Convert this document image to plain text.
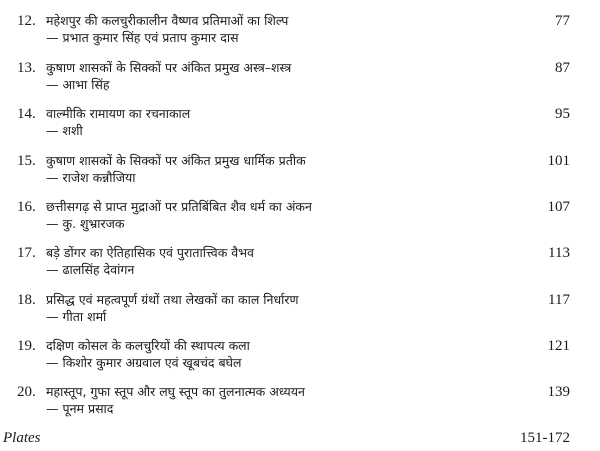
12. महेशपुर की कलचुरीकालीन वैष्णव प्रतिमाओं का शिल्प
— प्रभात कुमार सिंह एवं प्रताप कुमार दास
77
13. कुषाण शासकों के सिक्कों पर अंकित प्रमुख अस्त्र–शस्त्र
— आभा सिंह
87
14. वाल्मीकि रामायण का रचनाकाल
— शशी
95
15. कुषाण शासकों के सिक्कों पर अंकित प्रमुख धार्मिक प्रतीक
— राजेश कन्नौजिया
101
16. छत्तीसगढ़ से प्राप्त मुद्राओं पर प्रतिबिंबित शैव धर्म का अंकन
— कु. शुभ्रारजक
107
17. बड़े डोंगर का ऐतिहासिक एवं पुरातात्त्विक वैभव
— ढालसिंह देवांगन
113
18. प्रसिद्ध एवं महत्वपूर्ण ग्रंथों तथा लेखकों का काल निर्धारण
— गीता शर्मा
117
19. दक्षिण कोसल के कलचुरियों की स्थापत्य कला
— किशोर कुमार अग्रवाल एवं खूबचंद बघेल
121
20. महास्तूप, गुफा स्तूप और लघु स्तूप का तुलनात्मक अध्ययन
— पूनम प्रसाद
139
Plates	151-172
